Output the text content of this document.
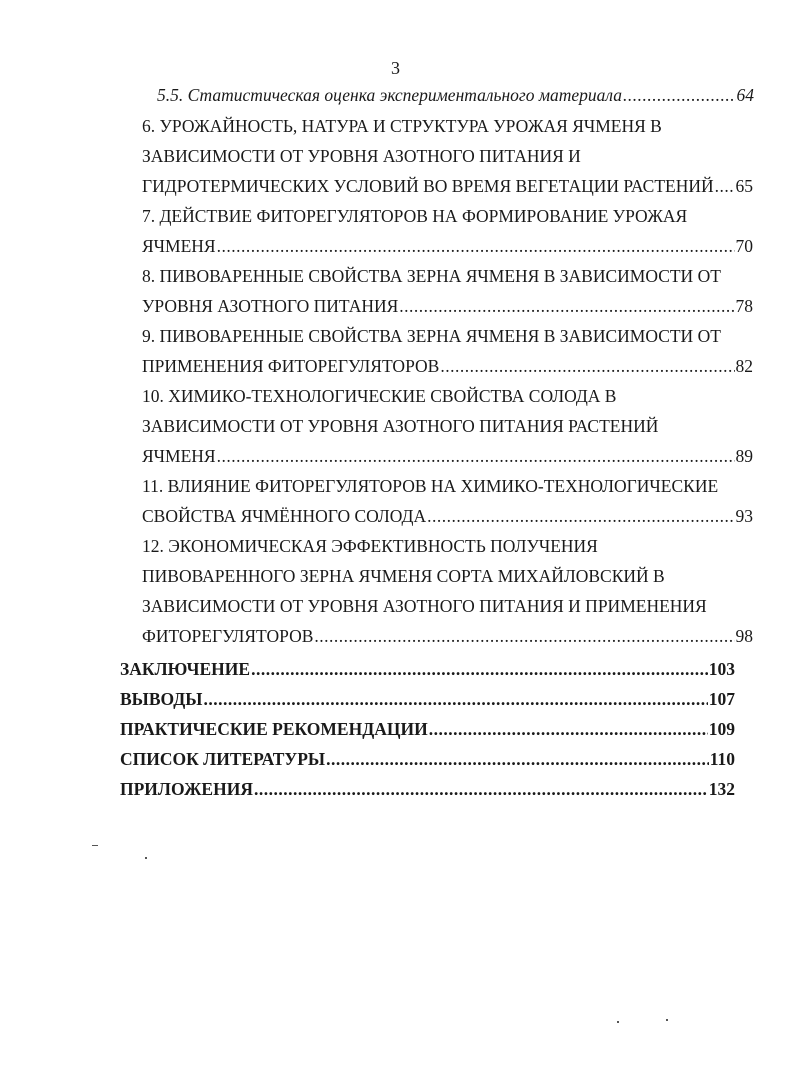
3
5.5. Статистическая оценка экспериментального материала .....	64
6. УРОЖАЙНОСТЬ, НАТУРА И СТРУКТУРА УРОЖАЯ ЯЧМЕНЯ В
ЗАВИСИМОСТИ ОТ УРОВНЯ АЗОТНОГО ПИТАНИЯ И
ГИДРОТЕРМИЧЕСКИХ УСЛОВИЙ ВО ВРЕМЯ ВЕГЕТАЦИИ РАСТЕНИЙ ..... 65
7. ДЕЙСТВИЕ ФИТОРЕГУЛЯТОРОВ НА ФОРМИРОВАНИЕ УРОЖАЯ
ЯЧМЕНЯ .....	70
8. ПИВОВАРЕННЫЕ СВОЙСТВА ЗЕРНА ЯЧМЕНЯ В ЗАВИСИМОСТИ ОТ
УРОВНЯ АЗОТНОГО ПИТАНИЯ .....	78
9. ПИВОВАРЕННЫЕ СВОЙСТВА ЗЕРНА ЯЧМЕНЯ В ЗАВИСИМОСТИ ОТ
ПРИМЕНЕНИЯ ФИТОРЕГУЛЯТОРОВ .....	82
10. ХИМИКО-ТЕХНОЛОГИЧЕСКИЕ СВОЙСТВА СОЛОДА В
ЗАВИСИМОСТИ ОТ УРОВНЯ АЗОТНОГО ПИТАНИЯ РАСТЕНИЙ
ЯЧМЕНЯ .....	89
11. ВЛИЯНИЕ ФИТОРЕГУЛЯТОРОВ НА ХИМИКО-ТЕХНОЛОГИЧЕСКИЕ
СВОЙСТВА ЯЧМЁННОГО СОЛОДА .....	93
12. ЭКОНОМИЧЕСКАЯ ЭФФЕКТИВНОСТЬ ПОЛУЧЕНИЯ
ПИВОВАРЕННОГО ЗЕРНА ЯЧМЕНЯ СОРТА МИХАЙЛОВСКИЙ В
ЗАВИСИМОСТИ ОТ УРОВНЯ АЗОТНОГО ПИТАНИЯ И ПРИМЕНЕНИЯ
ФИТОРЕГУЛЯТОРОВ .....	98
ЗАКЛЮЧЕНИЕ .....	103
ВЫВОДЫ .....	107
ПРАКТИЧЕСКИЕ РЕКОМЕНДАЦИИ .....	109
СПИСОК ЛИТЕРАТУРЫ .....	110
ПРИЛОЖЕНИЯ .....	132
